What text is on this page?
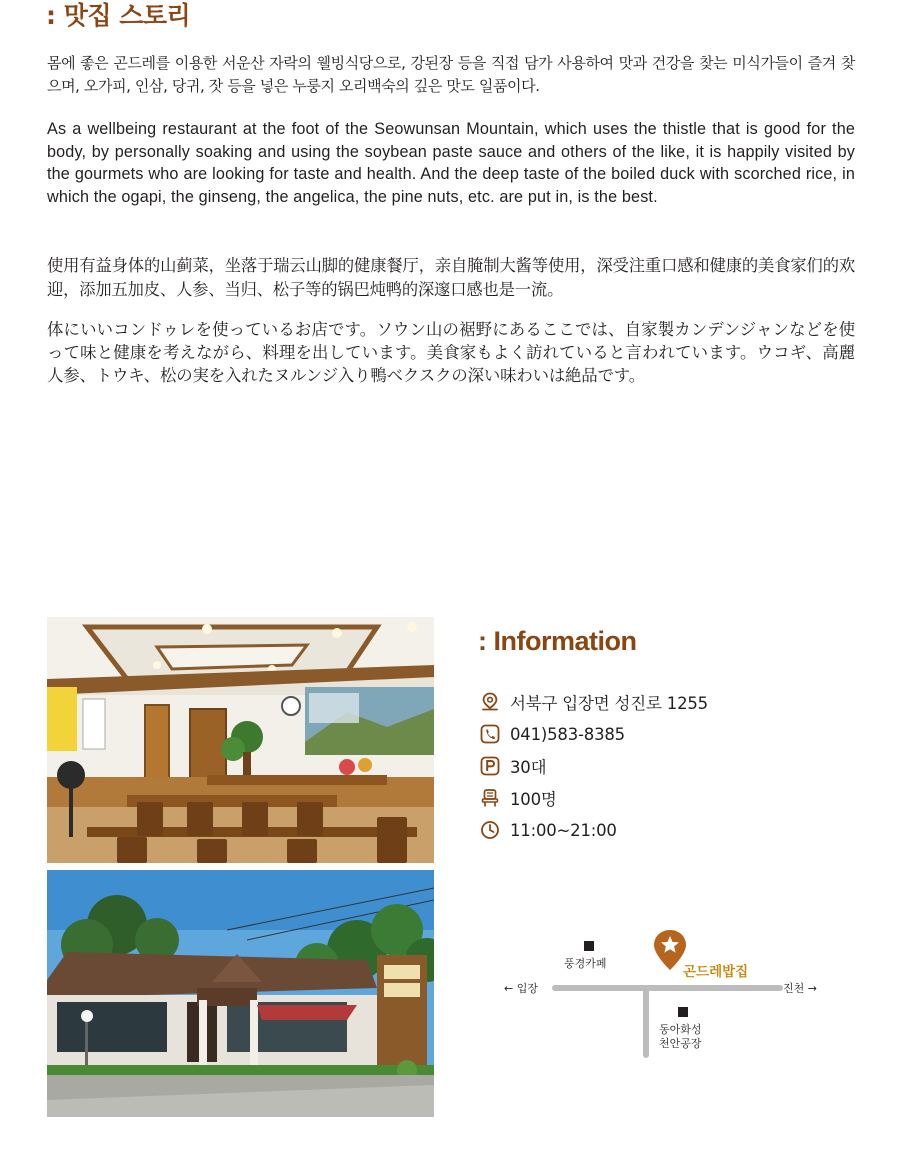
: 맛집 스토리

몸에 좋은 곤드레를 이용한 서운산 자락의 웰빙식당으로, 강된장 등을 직접 담가 사용하여 맛과 건강을 찾는 미식가들이 즐겨 찾으며, 오가피, 인삼, 당귀, 잣 등을 넣은 누룽지 오리백숙의 깊은 맛도 일품이다.

As a wellbeing restaurant at the foot of the Seowunsan Mountain, which uses the thistle that is good for the body, by personally soaking and using the soybean paste sauce and others of the like, it is happily visited by the gourmets who are looking for taste and health. And the deep taste of the boiled duck with scorched rice, in which the ogapi, the ginseng, the angelica, the pine nuts, etc. are put in, is the best.

使用有益身体的山蓟菜，坐落于瑞云山脚的健康餐厅，亲自腌制大酱等使用，深受注重口感和健康的美食家们的欢迎，添加五加皮、人参、当归、松子等的锅巴炖鸭的深邃口感也是一流。

体にいいコンドゥレを使っているお店です。ソウン山の裾野にあるここでは、自家製カンデンジャンなどを使って味と健康を考えながら、料理を出しています。美食家もよく訪れていると言われています。ウコギ、高麗人参、トウキ、松の実を入れたヌルンジ入り鴨ベクスクの深い味わいは絶品です。

: Information
서북구 입장면 성진로 1255
041)583-8385
30대
100명
11:00~21:00
풍경카페
곤드레밥집
← 입장	진천 →
동아화성
천안공장
